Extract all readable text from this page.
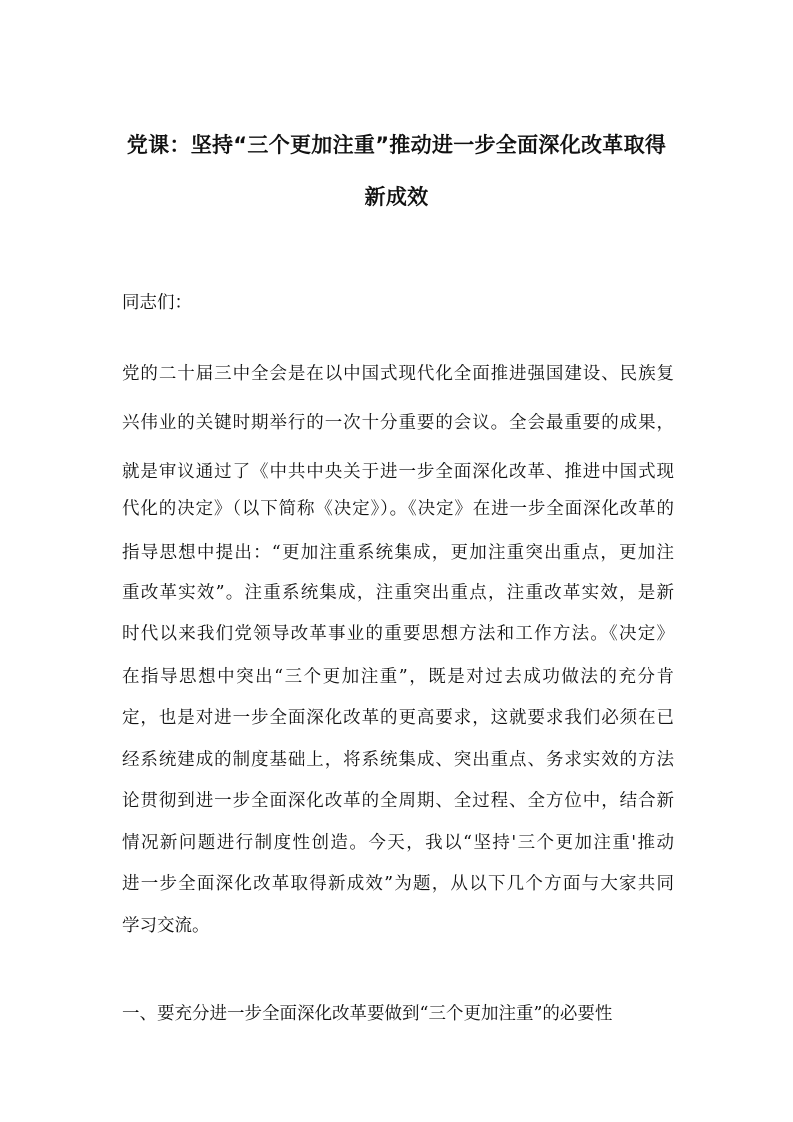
党课：坚持“三个更加注重”推动进一步全面深化改革取得
新成效
同志们：
党的二十届三中全会是在以中国式现代化全面推进强国建设、民族复
兴伟业的关键时期举行的一次十分重要的会议。全会最重要的成果，
就是审议通过了《中共中央关于进一步全面深化改革、推进中国式现
代化的决定》（以下简称《决定》）。《决定》在进一步全面深化改革的
指导思想中提出：“更加注重系统集成，更加注重突出重点，更加注
重改革实效”。注重系统集成，注重突出重点，注重改革实效，是新
时代以来我们党领导改革事业的重要思想方法和工作方法。《决定》
在指导思想中突出“三个更加注重”，既是对过去成功做法的充分肯
定，也是对进一步全面深化改革的更高要求，这就要求我们必须在已
经系统建成的制度基础上，将系统集成、突出重点、务求实效的方法
论贯彻到进一步全面深化改革的全周期、全过程、全方位中，结合新
情况新问题进行制度性创造。今天，我以“坚持'三个更加注重'推动
进一步全面深化改革取得新成效”为题，从以下几个方面与大家共同
学习交流。
一、要充分进一步全面深化改革要做到“三个更加注重”的必要性
